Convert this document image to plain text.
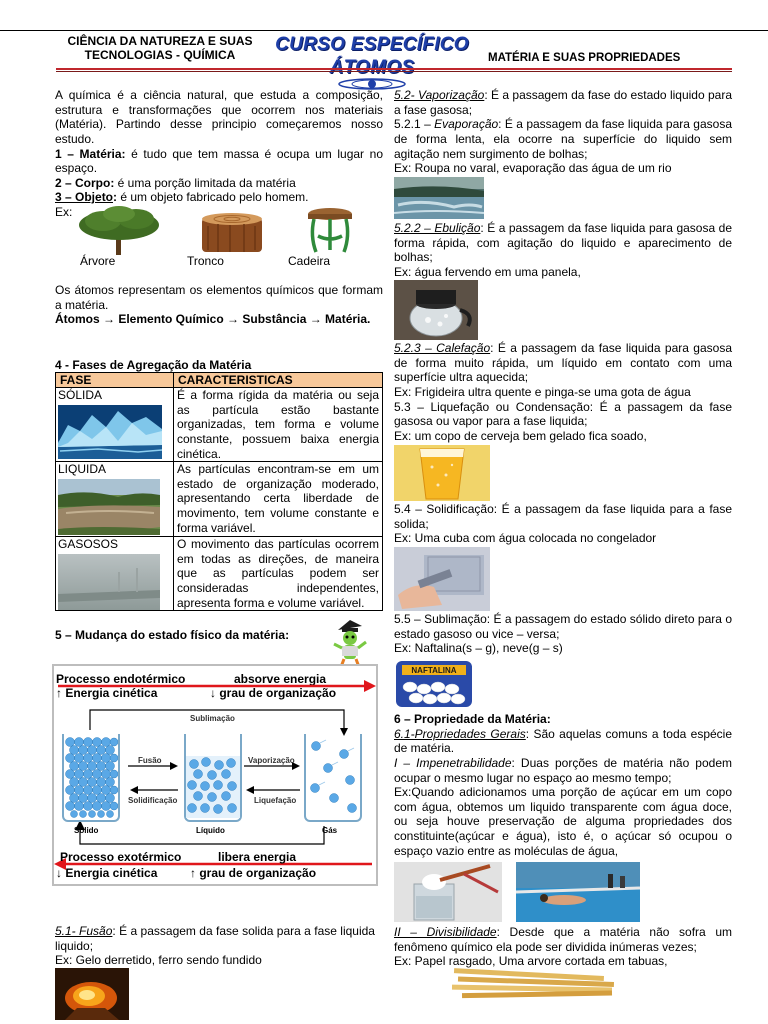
CIÊNCIA DA NATUREZA E SUAS
TECNOLOGIAS - QUÍMICA
CURSO ESPECÍFICO
MATÉRIA E SUAS PROPRIEDADES

A química é a ciência natural, que estuda a composição, estrutura e transformações que ocorrem nos materiais (Matéria). Partindo desse principio começaremos nosso estudo.

1 – Matéria: é tudo que tem massa é ocupa um lugar no espaço.

2 – Corpo: é uma porção limitada da matéria

3 – Objeto: é um objeto fabricado pelo homem.

Ex:

Árvore	Tronco	Cadeira

Os átomos representam os elementos químicos que formam a matéria.

Átomos → Elemento Químico → Substância → Matéria.

4 - Fases de Agregação da Matéria
FASE	CARACTERISTICAS

SÓLIDA	É a forma rígida da matéria ou seja as partícula estão bastante organizadas, tem forma e volume constante, possuem baixa energia cinética.

LIQUIDA	As partículas encontram-se em um estado de organização moderado, apresentando certa liberdade de movimento, tem volume constante e forma variável.

GASOSOS	O movimento das partículas ocorrem em todas as direções, de maneira que as partículas podem ser consideradas independentes, apresenta forma e volume variável.
5 – Mudança do estado físico da matéria:
Processo endotérmico	absorve energia
↑ Energia cinética	↓ grau de organização
Sublimação
Fusão
Solidificação
Vaporização
Liquefação
Sólido	Líquido	Gás
Processo exotérmico	libera energia
↓ Energia cinética	↑ grau de organização

5.1- Fusão: É a passagem da fase solida para a fase liquida liquido;

Ex: Gelo derretido, ferro sendo fundido

5.2- Vaporização: É a passagem da fase do estado liquido para a fase gasosa;

5.2.1 – Evaporação: É a passagem da fase liquida para gasosa de forma lenta, ela ocorre na superfície do liquido sem agitação nem surgimento de bolhas;

Ex: Roupa no varal, evaporação das água de um rio

5.2.2 – Ebulição: É a passagem da fase liquida para gasosa de forma rápida, com agitação do liquido e aparecimento de bolhas;

Ex: água fervendo em uma panela,

5.2.3 – Calefação: É a passagem da fase liquida para gasosa de forma muito rápida, um líquido em contato com uma superfície ultra aquecida;

Ex: Frigideira ultra quente e pinga-se uma gota de água

5.3 – Liquefação ou Condensação: É a passagem da fase gasosa ou vapor para a fase liquida;

Ex: um copo de cerveja bem gelado fica soado,

5.4 – Solidificação: É a passagem da fase liquida para a fase solida;

Ex: Uma cuba com água colocada no congelador

5.5 – Sublimação: É a passagem do estado sólido direto para o estado gasoso ou vice – versa;

Ex: Naftalina(s – g), neve(g – s)

NAFTALINA

6 – Propriedade da Matéria:

6.1-Propriedades Gerais: São aquelas comuns a toda espécie de matéria.

I – Impenetrabilidade: Duas porções de matéria não podem ocupar o mesmo lugar no espaço ao mesmo tempo;

Ex:Quando adicionamos uma porção de açúcar em um copo com água, obtemos um liquido transparente com água doce, ou seja houve preservação de alguma propriedades dos constituinte(açúcar e água), isto é, o açúcar só ocupou o espaço vazio entre as moléculas de água,

II – Divisibilidade: Desde que a matéria não sofra um fenômeno químico ela pode ser dividida inúmeras vezes;

Ex: Papel rasgado, Uma arvore cortada em tabuas,
